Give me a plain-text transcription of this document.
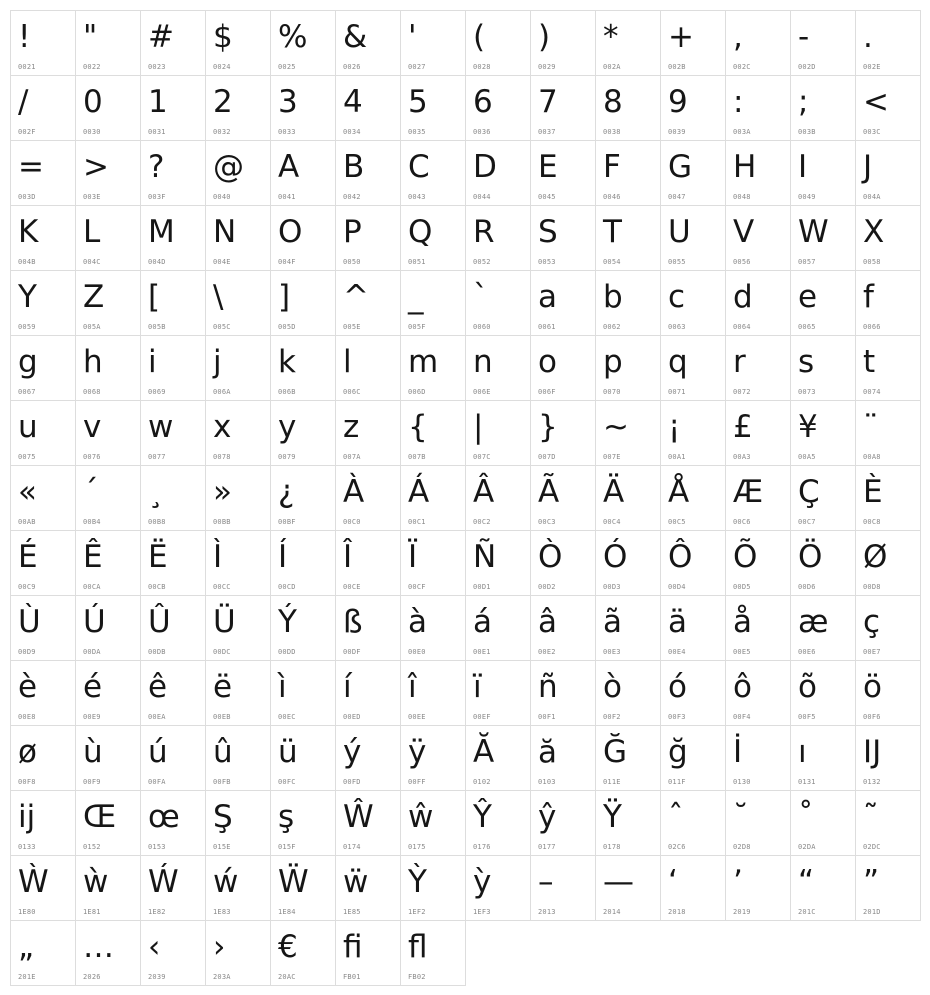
!
0021
"
0022
#
0023
$
0024
%
0025
&
0026
'
0027
(
0028
)
0029
*
002A
+
002B
,
002C
-
002D
.
002E
/
002F
0
0030
1
0031
2
0032
3
0033
4
0034
5
0035
6
0036
7
0037
8
0038
9
0039
:
003A
;
003B
<
003C
=
003D
>
003E
?
003F
@
0040
A
0041
B
0042
C
0043
D
0044
E
0045
F
0046
G
0047
H
0048
I
0049
J
004A
K
004B
L
004C
M
004D
N
004E
O
004F
P
0050
Q
0051
R
0052
S
0053
T
0054
U
0055
V
0056
W
0057
X
0058
Y
0059
Z
005A
[
005B
\
005C
]
005D
^
005E
_
005F
`
0060
a
0061
b
0062
c
0063
d
0064
e
0065
f
0066
g
0067
h
0068
i
0069
j
006A
k
006B
l
006C
m
006D
n
006E
o
006F
p
0070
q
0071
r
0072
s
0073
t
0074
u
0075
v
0076
w
0077
x
0078
y
0079
z
007A
{
007B
|
007C
}
007D
~
007E
¡
00A1
£
00A3
¥
00A5
¨
00A8
«
00AB
´
00B4
¸
00B8
»
00BB
¿
00BF
À
00C0
Á
00C1
Â
00C2
Ã
00C3
Ä
00C4
Å
00C5
Æ
00C6
Ç
00C7
È
00C8
É
00C9
Ê
00CA
Ë
00CB
Ì
00CC
Í
00CD
Î
00CE
Ï
00CF
Ñ
00D1
Ò
00D2
Ó
00D3
Ô
00D4
Õ
00D5
Ö
00D6
Ø
00D8
Ù
00D9
Ú
00DA
Û
00DB
Ü
00DC
Ý
00DD
ß
00DF
à
00E0
á
00E1
â
00E2
ã
00E3
ä
00E4
å
00E5
æ
00E6
ç
00E7
è
00E8
é
00E9
ê
00EA
ë
00EB
ì
00EC
í
00ED
î
00EE
ï
00EF
ñ
00F1
ò
00F2
ó
00F3
ô
00F4
õ
00F5
ö
00F6
ø
00F8
ù
00F9
ú
00FA
û
00FB
ü
00FC
ý
00FD
ÿ
00FF
Ă
0102
ă
0103
Ğ
011E
ğ
011F
İ
0130
ı
0131
Ĳ
0132
ĳ
0133
Œ
0152
œ
0153
Ş
015E
ş
015F
Ŵ
0174
ŵ
0175
Ŷ
0176
ŷ
0177
Ÿ
0178
ˆ
02C6
˘
02D8
˚
02DA
˜
02DC
Ẁ
1E80
ẁ
1E81
Ẃ
1E82
ẃ
1E83
Ẅ
1E84
ẅ
1E85
Ỳ
1EF2
ỳ
1EF3
–
2013
—
2014
‘
2018
’
2019
“
201C
”
201D
„
201E
…
2026
‹
2039
›
203A
€
20AC
ﬁ
FB01
ﬂ
FB02
